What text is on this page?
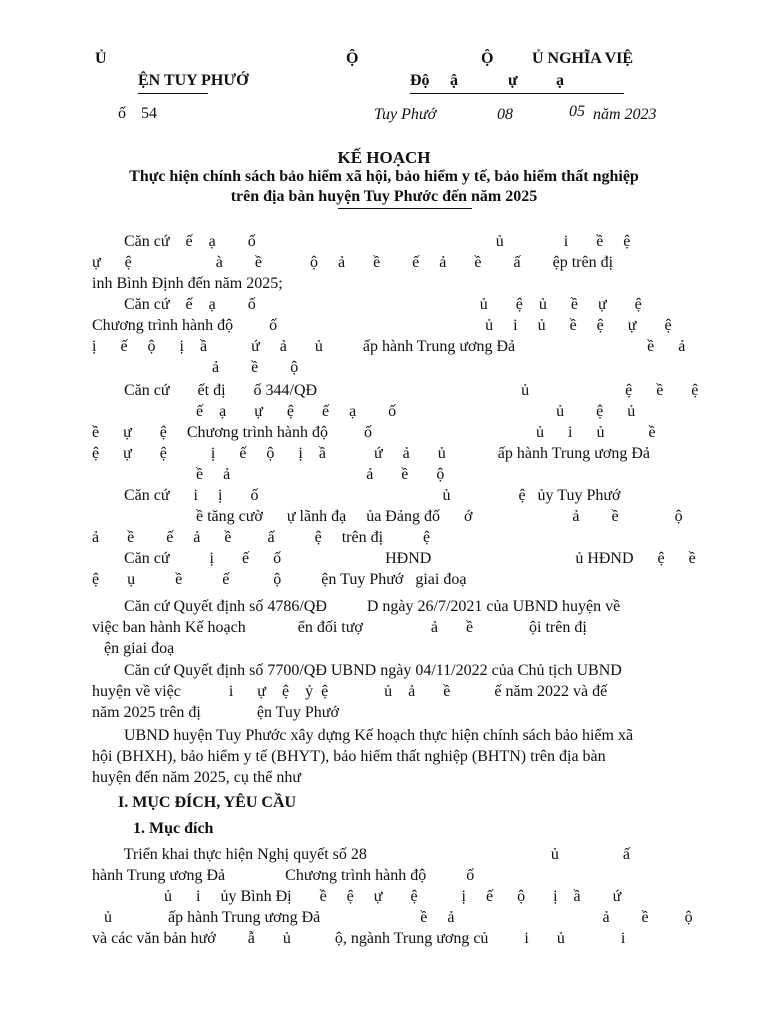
Ủ	Ộ	Ộ Ủ NGHĨA VIỆ
ỆN TUY PHƯỚ	Độ ậ	ự ạ
ố 54	Tuy Phướ	08	05 năm 2023
KẾ HOẠCH
Thực hiện chính sách bảo hiểm xã hội, bảo hiểm y tế, bảo hiểm thất nghiệp
trên địa bàn huyện Tuy Phước đến năm 2025
Căn cứ    ế    ạ        ố                                                            ủ               i       ề     ệ
ự      ệ                     à        ề            ộ     ả       ề        ế     ả       ề        ấ        ệp trên đị
inh Bình Định đến năm 2025;
Căn cứ    ế    ạ        ố                                                        ủ       ệ    ủ      ề     ự       ệ
Chương trình hành độ         ố                                                    ủ     i     ủ      ề     ệ      ự       ệ
ị      ế     ộ      ị    ầ           ứ     ả       ủ          ấp hành Trung ương Đả                                 ề      ả
ả        ề        ộ
Căn cứ       ết đị       ố 344/QĐ                                                   ủ                        ệ      ề       ệ
ế    ạ       ự      ệ       ế     ạ        ố                                        ủ        ệ      ủ
ề      ự       ệ     Chương trình hành độ         ố                                         ủ      i      ủ           ề
ệ      ự       ệ           ị      ế     ộ      ị    ầ            ứ     ả       ủ             ấp hành Trung ương Đả
ề     ả                                  ả       ề       ộ
Căn cứ      i     ị       ố                                              ủ                 ệ   ủy Tuy Phướ
ề tăng cườ      ự lãnh đạ     ủa Đảng đố      ớ                         ả        ề              ộ
ả       ề        ế     ả      ề         ấ          ệ     trên đị          ệ
Căn cứ          ị       ế      ố                          HĐND                                    ủ HĐND      ệ      ề
ệ       ụ          ề          ế           ộ          ện Tuy Phướ   giai đoạ
Căn cứ Quyết định số 4786/QĐ          D ngày 26/7/2021 của UBND huyện về
việc ban hành Kế hoạch             ển đối tượ                 ả       ề              ội trên đị
ện giai đoạ
Căn cứ Quyết định số 7700/QĐ UBND ngày 04/11/2022 của Chủ tịch UBND
huyện về việc            i      ự    ệ    ỷ  ệ              ủ    ả       ề           ế năm 2022 và đế
năm 2025 trên đị              ện Tuy Phướ
UBND huyện Tuy Phước xây dựng Kế hoạch thực hiện chính sách bảo hiểm xã
hội (BHXH), bảo hiểm y tế (BHYT), bảo hiểm thất nghiệp (BHTN) trên địa bàn
huyện đến năm 2025, cụ thể như
I. MỤC ĐÍCH, YÊU CẦU
1. Mục đích
Triển khai thực hiện Nghị quyết số 28                                              ủ                ấ
hành Trung ương Đả               Chương trình hành độ          ố
ủ      i     ủy Bình Đị       ề     ệ     ự       ệ           ị     ế      ộ       ị    ầ        ứ
ủ              ấp hành Trung ương Đả                         ề     ả                                     ả        ề         ộ
và các văn bản hướ        ẫ       ủ           ộ, ngành Trung ương củ         i       ủ              i
